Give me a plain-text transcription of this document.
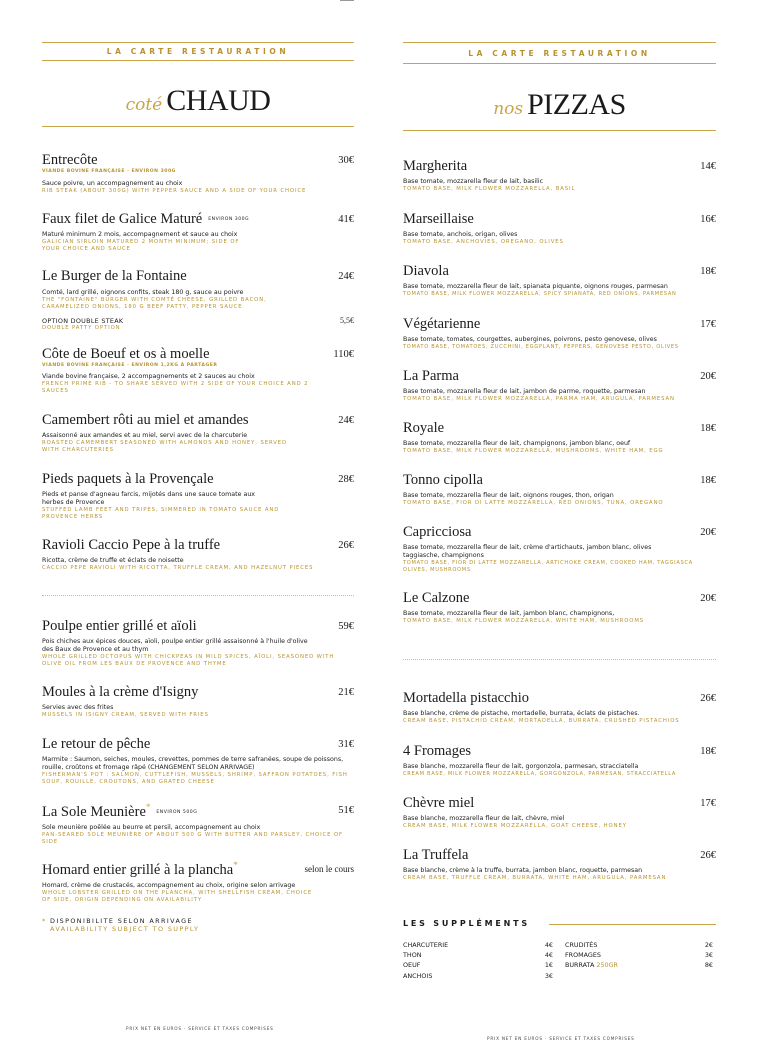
LA CARTE RESTAURATION
coté CHAUD
Entrecôte	30€
VIANDE BOVINE FRANÇAISE · ENVIRON 300G
Sauce poivre, un accompagnement au choix
RIB STEAK (ABOUT 300G) WITH PEPPER SAUCE AND A SIDE OF YOUR CHOICE
Faux filet de Galice Maturé ENVIRON 300G	41€
Maturé minimum 2 mois, accompagnement et sauce au choix
GALICIAN SIRLOIN MATURED 2 MONTH MINIMUM; SIDE OF YOUR CHOICE AND SAUCE
Le Burger de la Fontaine	24€
Comté, lard grillé, oignons confits, steak 180 g, sauce au poivre
THE "FONTAINE" BURGER WITH COMTÉ CHEESE, GRILLED BACON, CARAMELIZED ONIONS, 180 G BEEF PATTY, PEPPER SAUCE
OPTION DOUBLE STEAK	5,5€
DOUBLE PATTY OPTION
Côte de Boeuf et os à moelle	110€
VIANDE BOVINE FRANÇAISE · ENVIRON 1,2KG À PARTAGER
Viande bovine française, 2 accompagnements et 2 sauces au choix
FRENCH PRIME RIB - TO SHARE SERVED WITH 2 SIDE OF YOUR CHOICE AND 2 SAUCES
Camembert rôti au miel et amandes	24€
Assaisonné aux amandes et au miel, servi avec de la charcuterie
ROASTED CAMEMBERT SEASONED WITH ALMONDS AND HONEY, SERVED WITH CHARCUTERIES
Pieds paquets à la Provençale	28€
Pieds et panse d'agneau farcis, mijotés dans une sauce tomate aux herbes de Provence
STUFFED LAMB FEET AND TRIPES, SIMMERED IN TOMATO SAUCE AND PROVENCE HERBS
Ravioli Caccio Pepe à la truffe	26€
Ricotta, crème de truffe et éclats de noisette
CACCIO PEPE RAVIOLI WITH RICOTTA, TRUFFLE CREAM, AND HAZELNUT PIECES
Poulpe entier grillé et aïoli	59€
Pois chiches aux épices douces, aïoli, poulpe entier grillé assaisonné à l'huile d'olive des Baux de Provence et au thym
WHOLE GRILLED OCTOPUS WITH CHICKPEAS IN MILD SPICES, AÏOLI, SEASONED WITH OLIVE OIL FROM LES BAUX DE PROVENCE AND THYME
Moules à la crème d'Isigny	21€
Servies avec des frites
MUSSELS IN ISIGNY CREAM, SERVED WITH FRIES
Le retour de pêche	31€
Marmite : Saumon, seiches, moules, crevettes, pommes de terre safranées, soupe de poissons, rouille, croûtons et fromage râpé (CHANGEMENT SELON ARRIVAGE)
FISHERMAN'S POT : SALMON, CUTTLEFISH, MUSSELS, SHRIMP, SAFFRON POTATOES, FISH SOUP, ROUILLE, CROUTONS, AND GRATED CHEESE
La Sole Meunière*ENVIRON 500G	51€
Sole meunière poêlée au beurre et persil, accompagnement au choix
PAN-SEARED SOLE MEUNIÈRE OF ABOUT 500 G WITH BUTTER AND PARSLEY, CHOICE OF SIDE
Homard entier grillé à la plancha*	selon le cours
Homard, crème de crustacés, accompagnement au choix, origine selon arrivage
WHOLE LOBSTER GRILLED ON THE PLANCHA, WITH SHELLFISH CREAM, CHOICE OF SIDE, ORIGIN DEPENDING ON AVAILABILITY
* DISPONIBILITE SELON ARRIVAGE
AVAILABILITY SUBJECT TO SUPPLY
PRIX NET EN EUROS · SERVICE ET TAXES COMPRISES
LA CARTE RESTAURATION
nos PIZZAS
Margherita	14€
Base tomate, mozzarella fleur de lait, basilic
TOMATO BASE, MILK FLOWER MOZZARELLA, BASIL
Marseillaise	16€
Base tomate, anchois, origan, olives
TOMATO BASE, ANCHOVIES, OREGANO, OLIVES
Diavola	18€
Base tomate, mozzarella fleur de lait, spianata piquante, oignons rouges, parmesan
TOMATO BASE, MILK FLOWER MOZZARELLA, SPICY SPIANATA, RED ONIONS, PARMESAN
Végétarienne	17€
Base tomate, tomates, courgettes, aubergines, poivrons, pesto genovese, olives
TOMATO BASE, TOMATOES, ZUCCHINI, EGGPLANT, PEPPERS, GENOVESE PESTO, OLIVES
La Parma	20€
Base tomate, mozzarella fleur de lait, jambon de parme, roquette, parmesan
TOMATO BASE, MILK FLOWER MOZZARELLA, PARMA HAM, ARUGULA, PARMESAN
Royale	18€
Base tomate, mozzarella fleur de lait, champignons, jambon blanc, oeuf
TOMATO BASE, MILK FLOWER MOZZARELLA, MUSHROOMS, WHITE HAM, EGG
Tonno cipolla	18€
Base tomate, mozzarella fleur de lait, oignons rouges, thon, origan
TOMATO BASE, FIOR DI LATTE MOZZARELLA, RED ONIONS, TUNA, OREGANO
Capricciosa	20€
Base tomate, mozzarella fleur de lait, crème d'artichauts, jambon blanc, olives taggiasche, champignons
TOMATO BASE, FIOR DI LATTE MOZZARELLA, ARTICHOKE CREAM, COOKED HAM, TAGGIASCA OLIVES, MUSHROOMS
Le Calzone	20€
Base tomate, mozzarella fleur de lait, jambon blanc, champignons,
TOMATO BASE, MILK FLOWER MOZZARELLA, WHITE HAM, MUSHROOMS
Mortadella pistacchio	26€
Base blanche, crème de pistache, mortadelle, burrata, éclats de pistaches.
CREAM BASE, PISTACHIO CREAM, MORTADELLA, BURRATA, CRUSHED PISTACHIOS
4 Fromages	18€
Base blanche, mozzarella fleur de lait, gorgonzola, parmesan, stracciatella
CREAM BASE, MILK FLOWER MOZZARELLA, GORGONZOLA, PARMESAN, STRACCIATELLA
Chèvre miel	17€
Base blanche, mozzarella fleur de lait, chèvre, miel
CREAM BASE, MILK FLOWER MOZZARELLA, GOAT CHEESE, HONEY
La Truffela	26€
Base blanche, crème à la truffe, burrata, jambon blanc, roquette, parmesan
CREAM BASE, TRUFFLE CREAM, BURRATA, WHITE HAM, ARUGULA, PARMESAN
LES SUPPLÉMENTS
CHARCUTERIE	4€
THON	4€
OEUF	1€
ANCHOIS	3€
CRUDITÉS	2€
FROMAGES	3€
BURRATA 250GR	8€
PRIX NET EN EUROS · SERVICE ET TAXES COMPRISES
